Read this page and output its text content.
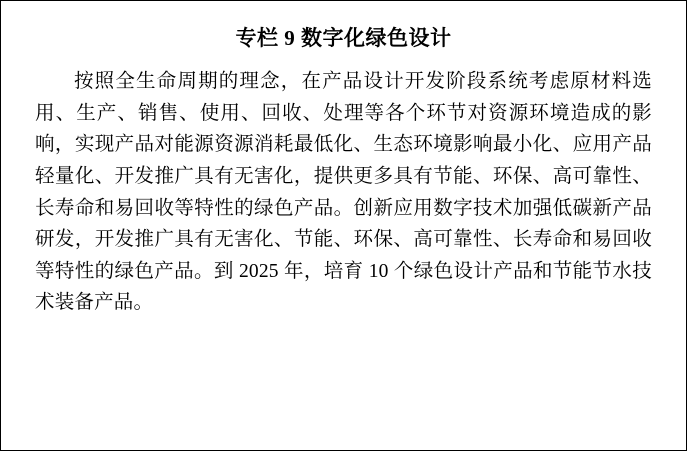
专栏 9 数字化绿色设计
按照全生命周期的理念，在产品设计开发阶段系统考虑原材料选用、生产、销售、使用、回收、处理等各个环节对资源环境造成的影响，实现产品对能源资源消耗最低化、生态环境影响最小化、应用产品轻量化、开发推广具有无害化，提供更多具有节能、环保、高可靠性、长寿命和易回收等特性的绿色产品。创新应用数字技术加强低碳新产品研发，开发推广具有无害化、节能、环保、高可靠性、长寿命和易回收等特性的绿色产品。到 2025 年，培育 10 个绿色设计产品和节能节水技术装备产品。
